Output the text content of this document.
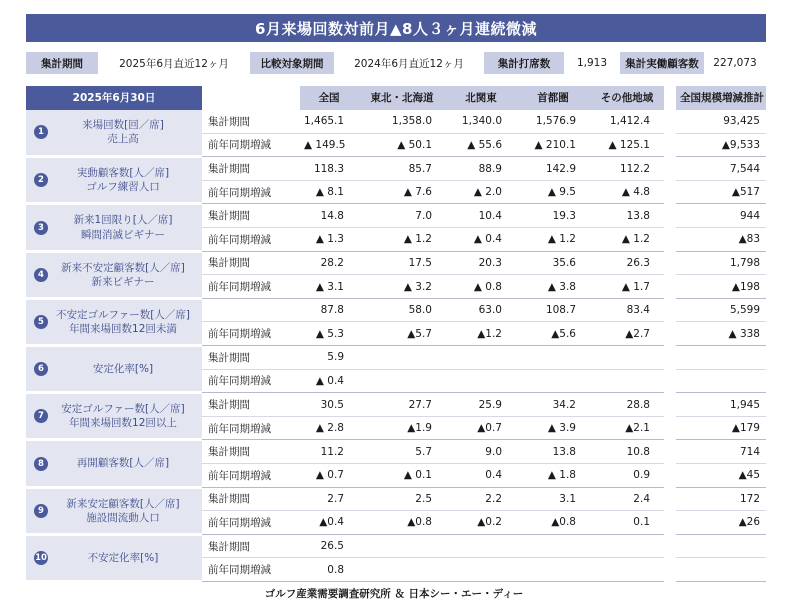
6月来場回数対前月▲8人３ヶ月連続微減
集計期間	2025年6月直近12ヶ月	比較対象期間	2024年6月直近12ヶ月	集計打席数	1,913	集計実働顧客数	227,073
2025年6月30日		全国	東北・北海道	北関東	首都圏	その他地域		全国規模増減推計

1
来場回数[回／席]
売上高	集計期間	1,465.1	1,358.0	1,340.0	1,576.9	1,412.4		93,425
	前年同期増減	▲ 149.5	▲ 50.1	▲ 55.6	▲ 210.1	▲ 125.1		▲9,533

2
実動顧客数[人／席]
ゴルフ練習人口	集計期間	118.3	85.7	88.9	142.9	112.2		7,544
	前年同期増減	▲ 8.1	▲ 7.6	▲ 2.0	▲ 9.5	▲ 4.8		▲517

3
新来1回限り[人／席]
瞬間消滅ビギナー	集計期間	14.8	7.0	10.4	19.3	13.8		944
	前年同期増減	▲ 1.3	▲ 1.2	▲ 0.4	▲ 1.2	▲ 1.2		▲83

4
新来不安定顧客数[人／席]
新来ビギナー	集計期間	28.2	17.5	20.3	35.6	26.3		1,798
	前年同期増減	▲ 3.1	▲ 3.2	▲ 0.8	▲ 3.8	▲ 1.7		▲198

5
不安定ゴルファー数[人／席]
年間来場回数12回未満		87.8	58.0	63.0	108.7	83.4		5,599
	前年同期増減	▲ 5.3	▲5.7	▲1.2	▲5.6	▲2.7		▲ 338

6 安定化率[%]	集計期間	5.9						
	前年同期増減	▲ 0.4						

7
安定ゴルファー数[人／席]
年間来場回数12回以上	集計期間	30.5	27.7	25.9	34.2	28.8		1,945
	前年同期増減	▲ 2.8	▲1.9	▲0.7	▲ 3.9	▲2.1		▲179

8 再開顧客数[人／席]	集計期間	11.2	5.7	9.0	13.8	10.8		714
	前年同期増減	▲ 0.7	▲ 0.1	0.4	▲ 1.8	0.9		▲45

9
新来安定顧客数[人／席]
施設間流動人口	集計期間	2.7	2.5	2.2	3.1	2.4		172
	前年同期増減	▲0.4	▲0.8	▲0.2	▲0.8	0.1		▲26

10 不安定化率[%]	集計期間	26.5						
	前年同期増減	0.8						
ゴルフ産業需要調査研究所 ＆ 日本シー・エー・ディー
